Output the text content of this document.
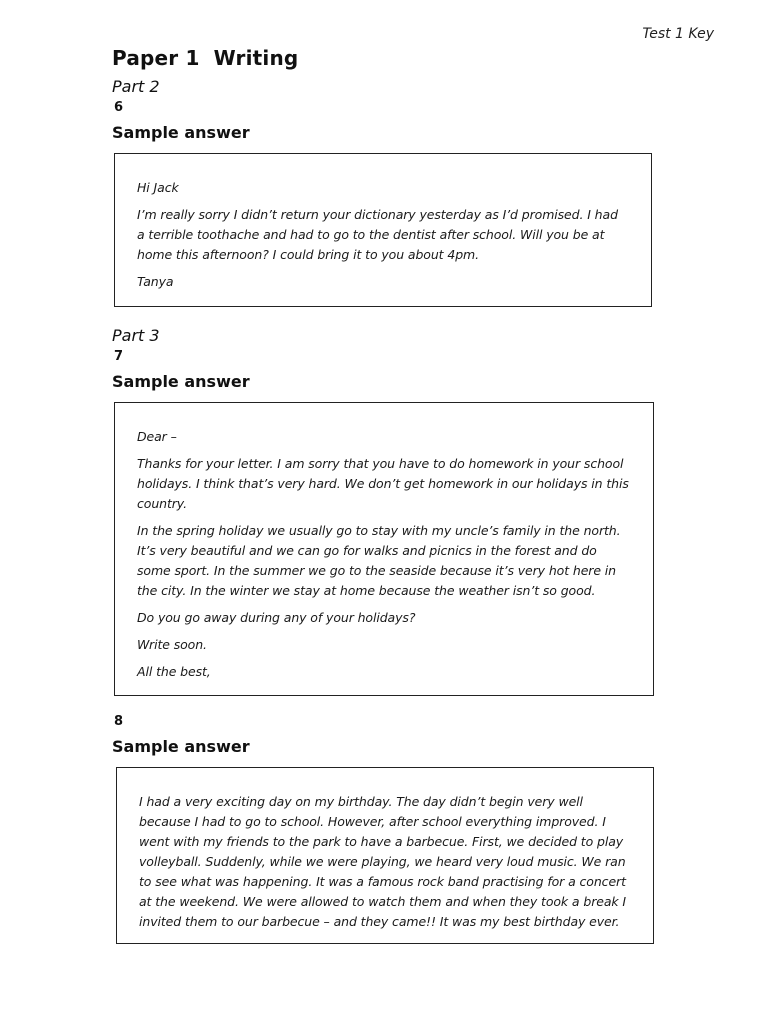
Test 1 Key
Paper 1 Writing
Part 2
6
Sample answer

Hi Jack

I’m really sorry I didn’t return your dictionary yesterday as I’d promised. I had a terrible toothache and had to go to the dentist after school. Will you be at home this afternoon? I could bring it to you about 4pm.

Tanya

Part 3
7
Sample answer

Dear –

Thanks for your letter. I am sorry that you have to do homework in your school holidays. I think that’s very hard. We don’t get homework in our holidays in this country.

In the spring holiday we usually go to stay with my uncle’s family in the north. It’s very beautiful and we can go for walks and picnics in the forest and do some sport. In the summer we go to the seaside because it’s very hot here in the city. In the winter we stay at home because the weather isn’t so good.

Do you go away during any of your holidays?

Write soon.

All the best,

8
Sample answer

I had a very exciting day on my birthday. The day didn’t begin very well because I had to go to school. However, after school everything improved. I went with my friends to the park to have a barbecue. First, we decided to play volleyball. Suddenly, while we were playing, we heard very loud music. We ran to see what was happening. It was a famous rock band practising for a concert at the weekend. We were allowed to watch them and when they took a break I invited them to our barbecue – and they came!! It was my best birthday ever.
